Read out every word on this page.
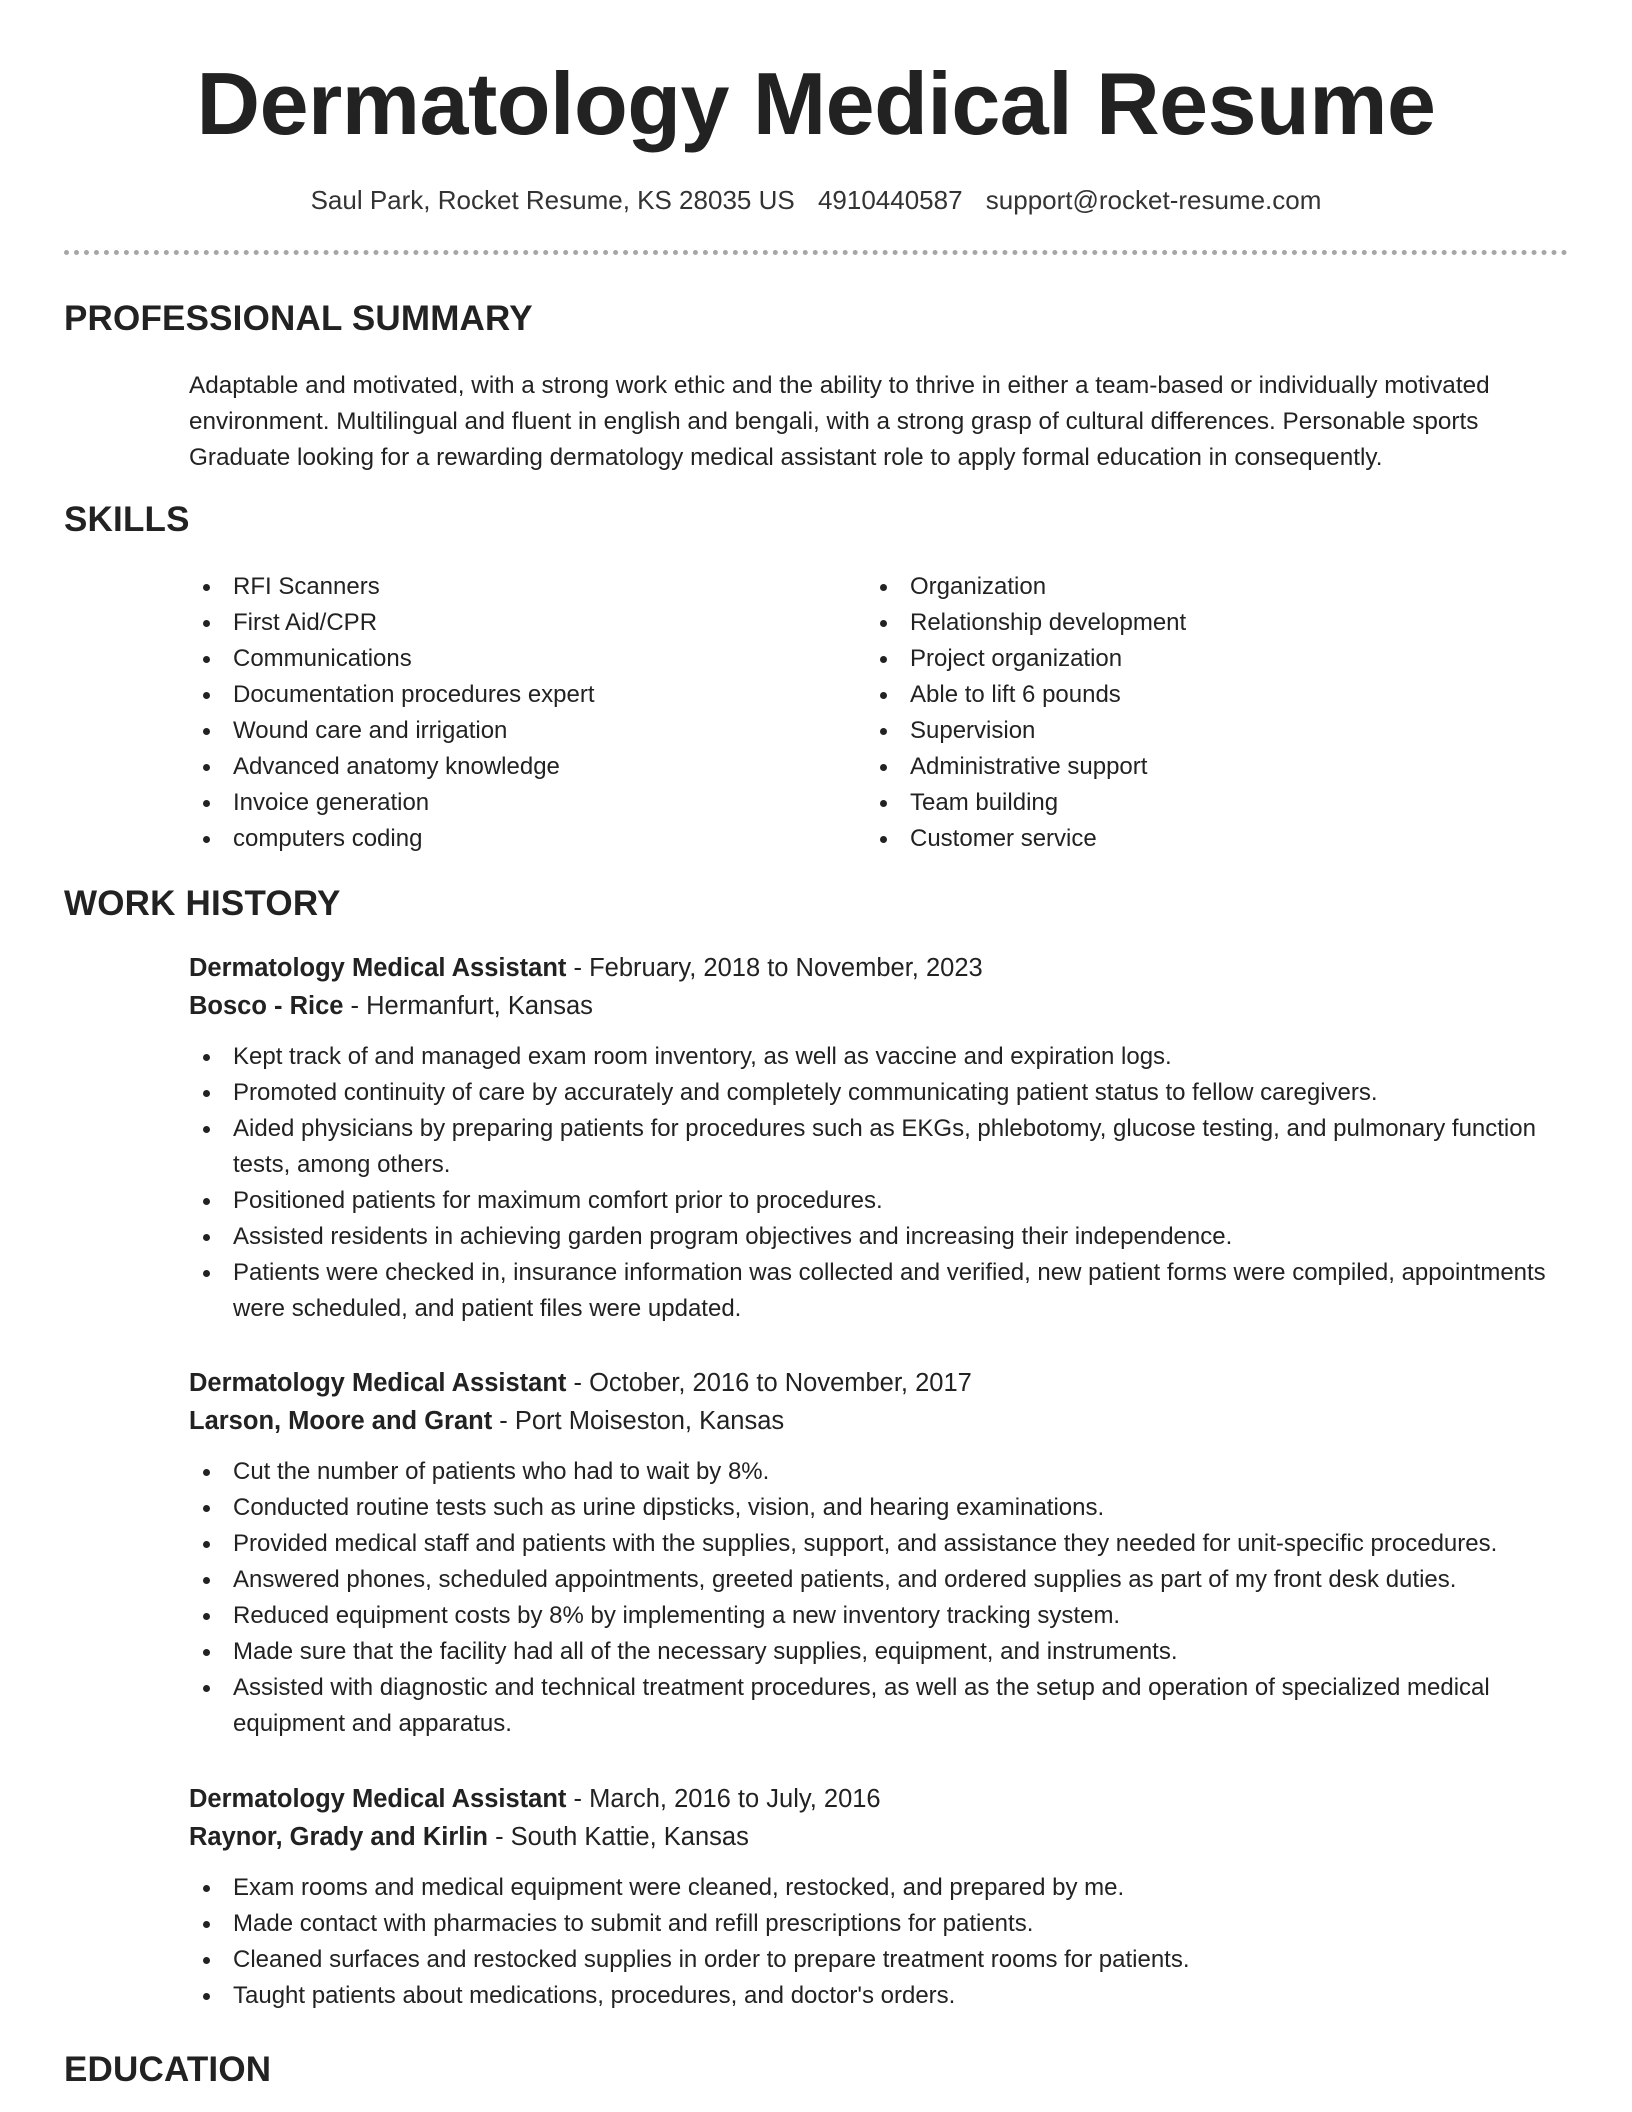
Dermatology Medical Resume
Saul Park, Rocket Resume, KS 28035 US 4910440587 support@rocket-resume.com
PROFESSIONAL SUMMARY

Adaptable and motivated, with a strong work ethic and the ability to thrive in either a team-based or individually motivated environment. Multilingual and fluent in english and bengali, with a strong grasp of cultural differences. Personable sports Graduate looking for a rewarding dermatology medical assistant role to apply formal education in consequently.

SKILLS
RFI Scanners
First Aid/CPR
Communications
Documentation procedures expert
Wound care and irrigation
Advanced anatomy knowledge
Invoice generation
computers coding
Organization
Relationship development
Project organization
Able to lift 6 pounds
Supervision
Administrative support
Team building
Customer service
WORK HISTORY
Dermatology Medical Assistant - February, 2018 to November, 2023
Bosco - Rice - Hermanfurt, Kansas
Kept track of and managed exam room inventory, as well as vaccine and expiration logs.
Promoted continuity of care by accurately and completely communicating patient status to fellow caregivers.
Aided physicians by preparing patients for procedures such as EKGs, phlebotomy, glucose testing, and pulmonary function tests, among others.
Positioned patients for maximum comfort prior to procedures.
Assisted residents in achieving garden program objectives and increasing their independence.
Patients were checked in, insurance information was collected and verified, new patient forms were compiled, appointments were scheduled, and patient files were updated.
Dermatology Medical Assistant - October, 2016 to November, 2017
Larson, Moore and Grant - Port Moiseston, Kansas
Cut the number of patients who had to wait by 8%.
Conducted routine tests such as urine dipsticks, vision, and hearing examinations.
Provided medical staff and patients with the supplies, support, and assistance they needed for unit-specific procedures.
Answered phones, scheduled appointments, greeted patients, and ordered supplies as part of my front desk duties.
Reduced equipment costs by 8% by implementing a new inventory tracking system.
Made sure that the facility had all of the necessary supplies, equipment, and instruments.
Assisted with diagnostic and technical treatment procedures, as well as the setup and operation of specialized medical equipment and apparatus.
Dermatology Medical Assistant - March, 2016 to July, 2016
Raynor, Grady and Kirlin - South Kattie, Kansas
Exam rooms and medical equipment were cleaned, restocked, and prepared by me.
Made contact with pharmacies to submit and refill prescriptions for patients.
Cleaned surfaces and restocked supplies in order to prepare treatment rooms for patients.
Taught patients about medications, procedures, and doctor's orders.
EDUCATION
